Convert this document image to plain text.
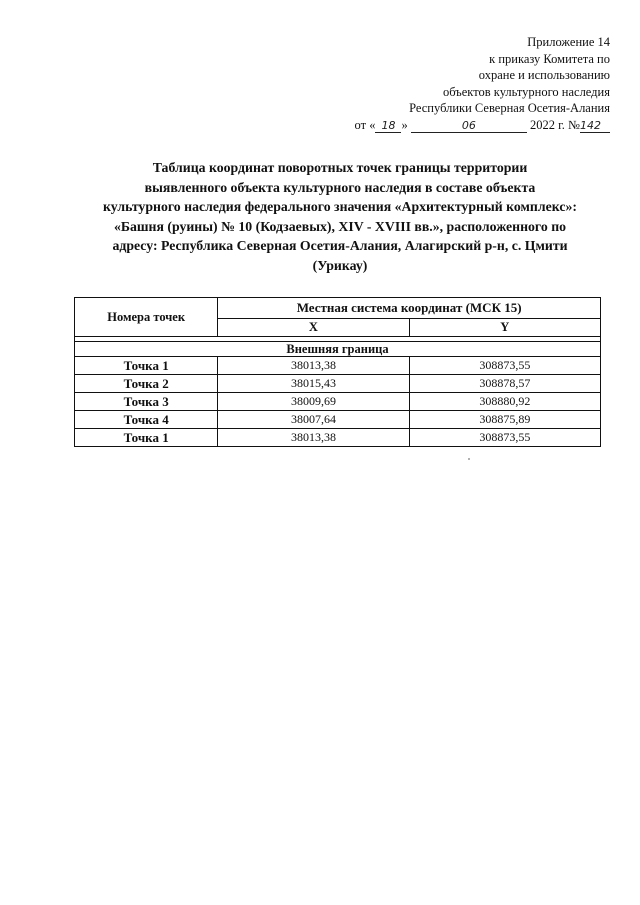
Приложение 14
к приказу Комитета по
охране и использованию
объектов культурного наследия
Республики Северная Осетия-Алания
от « 18 »	06	2022 г. №142
Таблица координат поворотных точек границы территории
выявленного объекта культурного наследия в составе объекта
культурного наследия федерального значения «Архитектурный комплекс»:
«Башня (руины) № 10 (Кодзаевых), XIV - XVIII вв.», расположенного по
адресу: Республика Северная Осетия-Алания, Алагирский р-н, с. Цмити
(Урикау)
Номера точек	Местная система координат (МСК 15)	
	X	Y

Внешняя граница		
Точка 1	38013,38	308873,55
Точка 2	38015,43	308878,57
Точка 3	38009,69	308880,92
Точка 4	38007,64	308875,89
Точка 1	38013,38	308873,55
